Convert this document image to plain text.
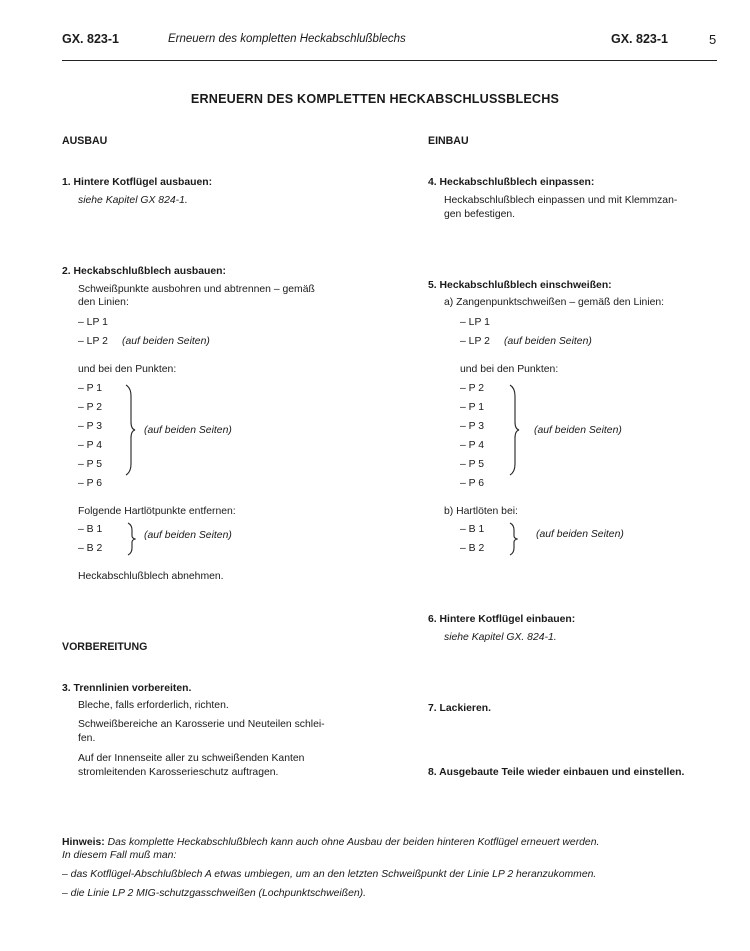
GX. 823-1	Erneuern des kompletten Heckabschlußblechs	GX. 823-1	5
ERNEUERN DES KOMPLETTEN HECKABSCHLUSSBLECHS
AUSBAU
1. Hintere Kotflügel ausbauen:
siehe Kapitel GX 824-1.
2. Heckabschlußblech ausbauen:
Schweißpunkte ausbohren und abtrennen – gemäß
den Linien:
– LP 1
– LP 2 (auf beiden Seiten)
und bei den Punkten:
– P 1
– P 2
– P 3
– P 4
– P 5
– P 6
(auf beiden Seiten)
Folgende Hartlötpunkte entfernen:
– B 1
– B 2
(auf beiden Seiten)
Heckabschlußblech abnehmen.
VORBEREITUNG
3. Trennlinien vorbereiten.
Bleche, falls erforderlich, richten.
Schweißbereiche an Karosserie und Neuteilen schlei-
fen.
Auf der Innenseite aller zu schweißenden Kanten
stromleitenden Karosserieschutz auftragen.
EINBAU
4. Heckabschlußblech einpassen:
Heckabschlußblech einpassen und mit Klemmzan-
gen befestigen.
5. Heckabschlußblech einschweißen:
a) Zangenpunktschweißen – gemäß den Linien:
– LP 1
– LP 2 (auf beiden Seiten)
und bei den Punkten:
– P 2
– P 1
– P 3
– P 4
– P 5
– P 6
(auf beiden Seiten)
b) Hartlöten bei:
– B 1
– B 2
(auf beiden Seiten)
6. Hintere Kotflügel einbauen:
siehe Kapitel GX. 824-1.
7. Lackieren.
8. Ausgebaute Teile wieder einbauen und einstellen.
Hinweis: Das komplette Heckabschlußblech kann auch ohne Ausbau der beiden hinteren Kotflügel erneuert werden.
In diesem Fall muß man:
– das Kotflügel-Abschlußblech A etwas umbiegen, um an den letzten Schweißpunkt der Linie LP 2 heranzukommen.
– die Linie LP 2 MIG-schutzgasschweißen (Lochpunktschweißen).
